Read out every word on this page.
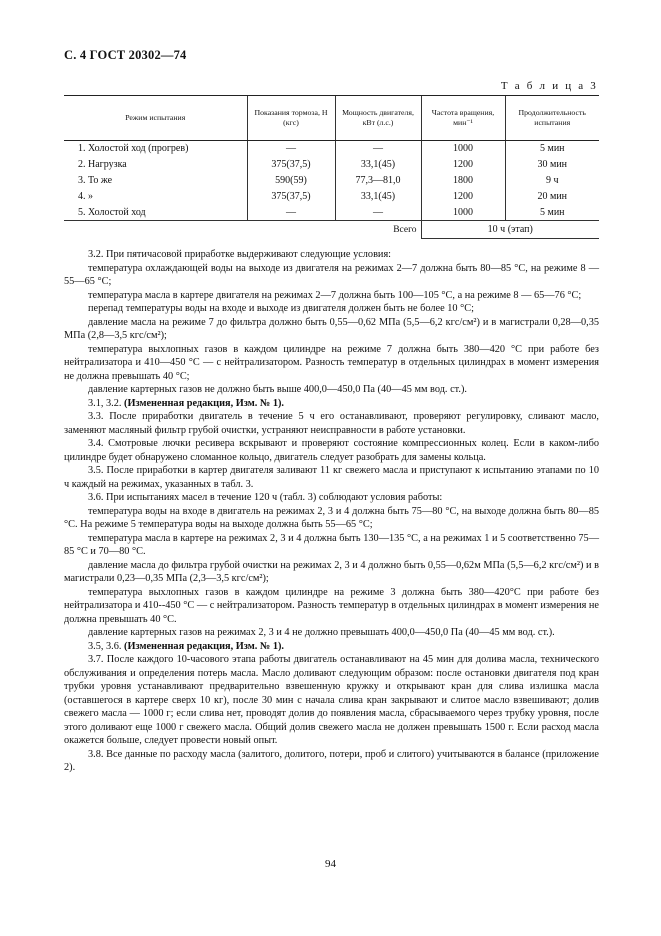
С. 4 ГОСТ 20302—74
Т а б л и ц а 3
Режим испытания	Показания тормоза, Н (кгс)	Мощность двигателя, кВт (л.с.)	Частота вращения, мин⁻¹	Продолжительность испытания
1. Холостой ход (прогрев)	—	—	1000	5 мин
2. Нагрузка	375(37,5)	33,1(45)	1200	30 мин
3. То же	590(59)	77,3—81,0	1800	9 ч
4. »	375(37,5)	33,1(45)	1200	20 мин
5. Холостой ход	—	—	1000	5 мин
		Всего	10 ч (этап)	

3.2. При пятичасовой приработке выдерживают следующие условия:

температура охлаждающей воды на выходе из двигателя на режимах 2—7 должна быть 80—85 °С, на режиме 8 — 55—65 °С;

температура масла в картере двигателя на режимах 2—7 должна быть 100—105 °С, а на режиме 8 — 65—76 °С;

перепад температуры воды на входе и выходе из двигателя должен быть не более 10 °С;

давление масла на режиме 7 до фильтра должно быть 0,55—0,62 МПа (5,5—6,2 кгс/см²) и в магистрали 0,28—0,35 МПа (2,8—3,5 кгс/см²);

температура выхлопных газов в каждом цилиндре на режиме 7 должна быть 380—420 °С при работе без нейтрализатора и 410—450 °С — с нейтрализатором. Разность температур в отдельных цилиндрах в момент измерения не должна превышать 40 °С;

давление картерных газов не должно быть выше 400,0—450,0 Па (40—45 мм вод. ст.).

3.1, 3.2. (Измененная редакция, Изм. № 1).

3.3. После приработки двигатель в течение 5 ч его останавливают, проверяют регулировку, сливают масло, заменяют масляный фильтр грубой очистки, устраняют неисправности в работе установки.

3.4. Смотровые лючки ресивера вскрывают и проверяют состояние компрессионных колец. Если в каком-либо цилиндре будет обнаружено сломанное кольцо, двигатель следует разобрать для замены кольца.

3.5. После приработки в картер двигателя заливают 11 кг свежего масла и приступают к испытанию этапами по 10 ч каждый на режимах, указанных в табл. 3.

3.6. При испытаниях масел в течение 120 ч (табл. 3) соблюдают условия работы:

температура воды на входе в двигатель на режимах 2, 3 и 4 должна быть 75—80 °С, на выходе должна быть 80—85 °С. На режиме 5 температура воды на выходе должна быть 55—65 °С;

температура масла в картере на режимах 2, 3 и 4 должна быть 130—135 °С, а на режимах 1 и 5 соответственно 75—85 °С и 70—80 °С.

давление масла до фильтра грубой очистки на режимах 2, 3 и 4 должно быть 0,55—0,62м МПа (5,5—6,2 кгс/см²) и в магистрали 0,23—0,35 МПа (2,3—3,5 кгс/см²);

температура выхлопных газов в каждом цилиндре на режиме 3 должна быть 380—420°С при работе без нейтрализатора и 410--450 °С — с нейтрализатором. Разность температур в отдельных цилиндрах в момент измерения не должна превышать 40 °С.

давление картерных газов на режимах 2, 3 и 4 не должно превышать 400,0—450,0 Па (40—45 мм вод. ст.).

3.5, 3.6. (Измененная редакция, Изм. № 1).

3.7. После каждого 10-часового этапа работы двигатель останавливают на 45 мин для долива масла, технического обслуживания и определения потерь масла. Масло доливают следующим образом: после остановки двигателя под кран трубки уровня устанавливают предварительно взвешенную кружку и открывают кран для слива излишка масла (оставшегося в картере сверх 10 кг), после 30 мин с начала слива кран закрывают и слитое масло взвешивают; долив свежего масла — 1000 г; если слива нет, проводят долив до появления масла, сбрасываемого через трубку уровня, после этого доливают еще 1000 г свежего масла. Общий долив свежего масла не должен превышать 1500 г. Если расход масла окажется больше, следует провести новый опыт.

3.8. Все данные по расходу масла (залитого, долитого, потери, проб и слитого) учитываются в балансе (приложение 2).

94
